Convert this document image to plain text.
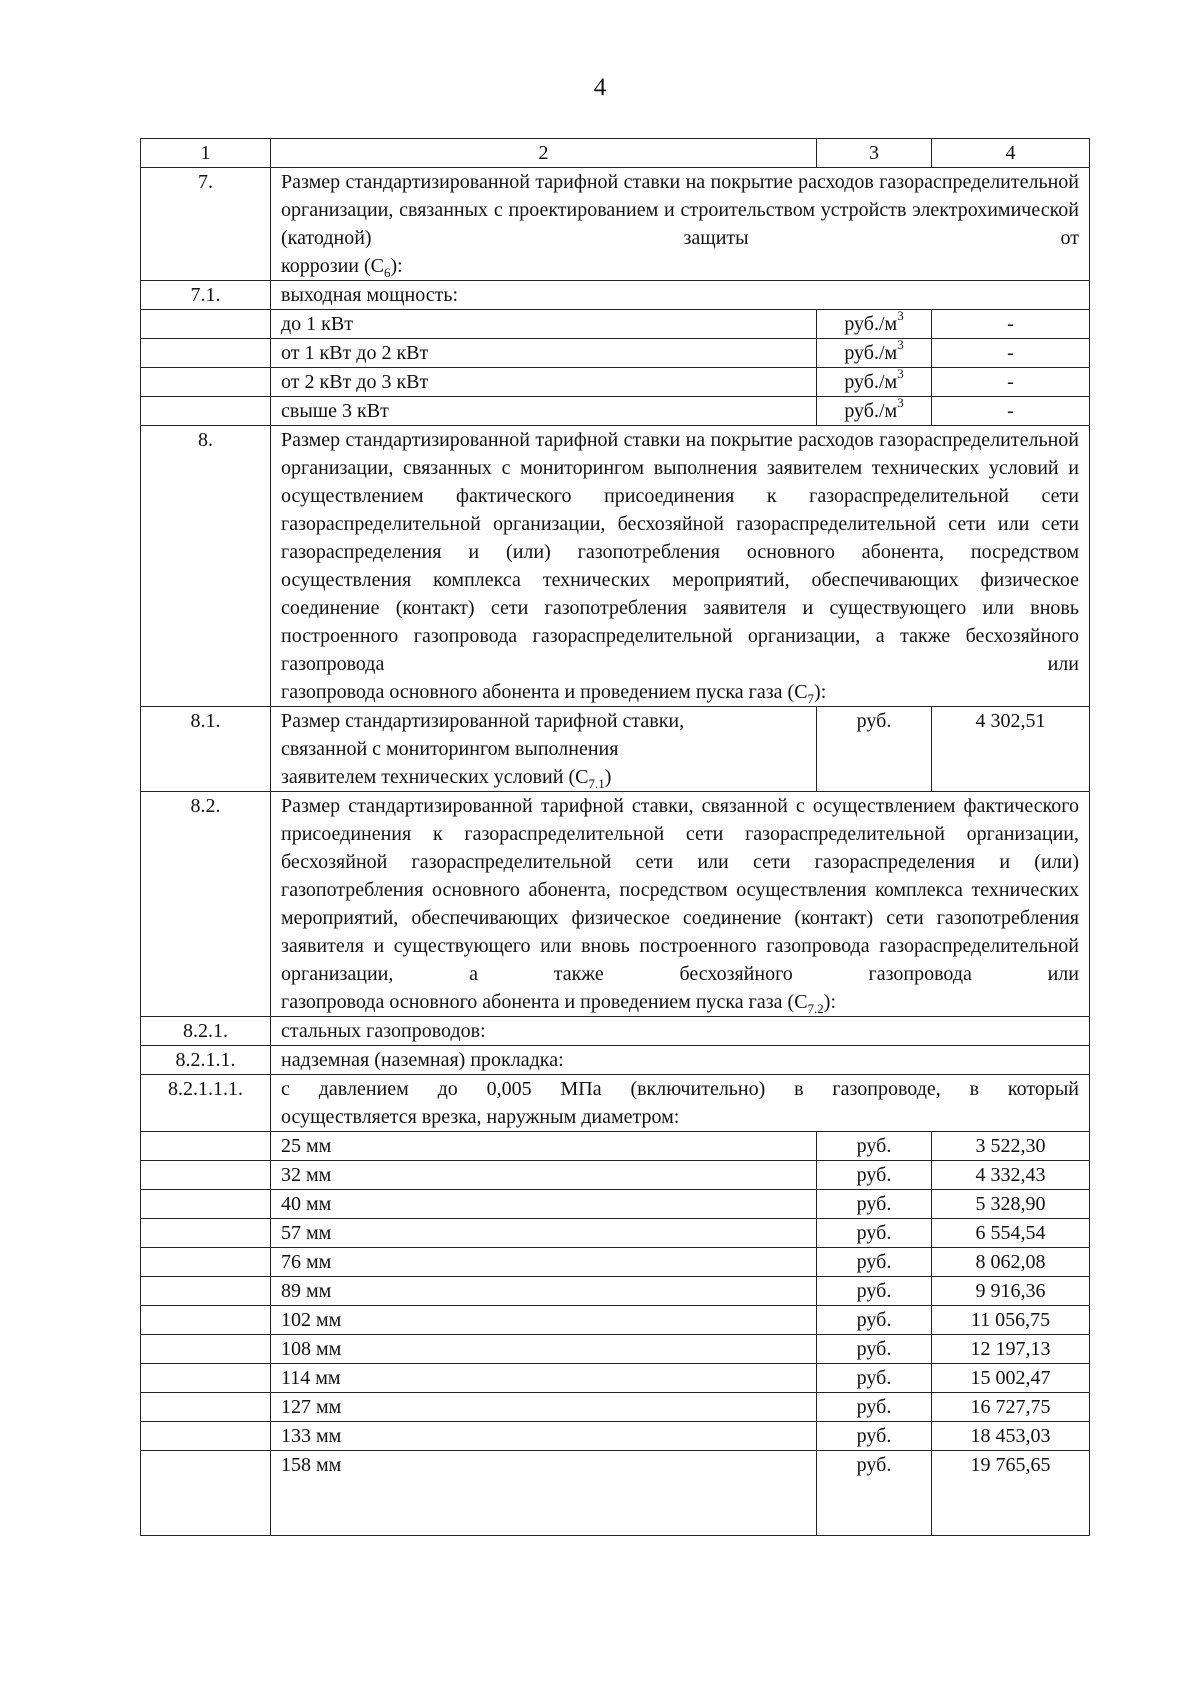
4
1	2	3	4
7.	Размер стандартизированной тарифной ставки на покрытие расходов газораспределительной организации, связанных с проектированием и строительством устройств электрохимической (катодной) защиты от
коррозии $(С_6)$:		

7.1.	выходная мощность:		
	до 1 кВт	$руб./м^3$	-
	от 1 кВт до 2 кВт	$руб./м^3$	-
	от 2 кВт до 3 кВт	$руб./м^3$	-
	свыше 3 кВт	$руб./м^3$	-
8.	Размер стандартизированной тарифной ставки на покрытие расходов газораспределительной организации, связанных с мониторингом выполнения заявителем технических условий и осуществлением фактического присоединения к газораспределительной сети газораспределительной организации, бесхозяйной газораспределительной сети или сети газораспределения и (или) газопотребления основного абонента, посредством осуществления комплекса технических мероприятий, обеспечивающих физическое соединение (контакт) сети газопотребления заявителя и существующего или вновь построенного газопровода газораспределительной организации, а также бесхозяйного газопровода или
газопровода основного абонента и проведением пуска газа $(С_7)$:		

8.1.	Размер стандартизированной тарифной ставки,
связанной с мониторингом выполнения
заявителем технических условий $(С_{7.1})$	руб.	4 302,51
8.2.	Размер стандартизированной тарифной ставки, связанной с осуществлением фактического присоединения к газораспределительной сети газораспределительной организации, бесхозяйной газораспределительной сети или сети газораспределения и (или) газопотребления основного абонента, посредством осуществления комплекса технических мероприятий, обеспечивающих физическое соединение (контакт) сети газопотребления заявителя и существующего или вновь построенного газопровода газораспределительной организации, а также бесхозяйного газопровода или
газопровода основного абонента и проведением пуска газа $(С_{7.2})$:		

8.2.1.	стальных газопроводов:		
8.2.1.1.	надземная (наземная) прокладка:		
8.2.1.1.1.	с давлением до 0,005 МПа (включительно) в газопроводе, в который
осуществляется врезка, наружным диаметром:		

	25 мм	руб.	3 522,30
	32 мм	руб.	4 332,43
	40 мм	руб.	5 328,90
	57 мм	руб.	6 554,54
	76 мм	руб.	8 062,08
	89 мм	руб.	9 916,36
	102 мм	руб.	11 056,75
	108 мм	руб.	12 197,13
	114 мм	руб.	15 002,47
	127 мм	руб.	16 727,75
	133 мм	руб.	18 453,03
	158 мм	руб.	19 765,65
